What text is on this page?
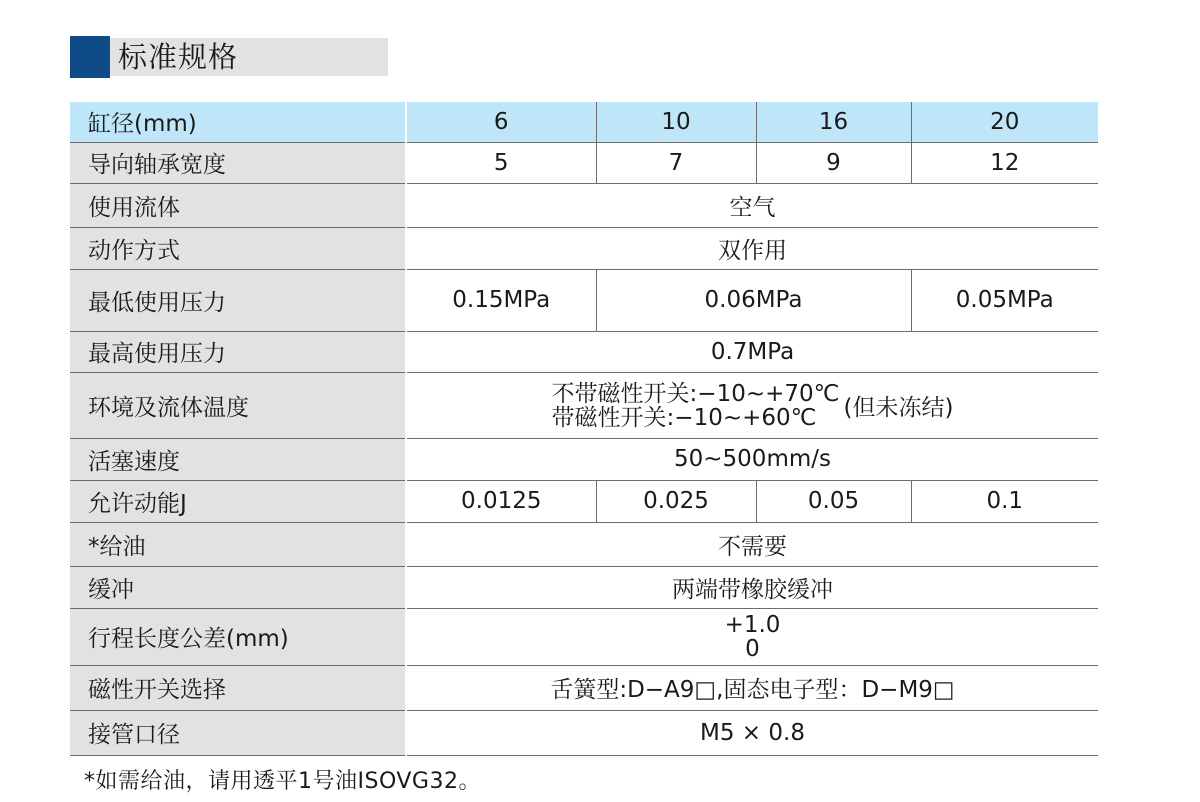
标准规格
缸径(mm)	6	10	16	20
导向轴承宽度	5	7	9	12
使用流体	空气			
动作方式	双作用			
最低使用压力	0.15MPa	0.06MPa		0.05MPa
最高使用压力	0.7MPa			
环境及流体温度	不带磁性开关:−10~+70℃
带磁性开关:−10~+60℃ (但未冻结)			

活塞速度	50~500mm/s			
允许动能J	0.0125	0.025	0.05	0.1
*给油	不需要			
缓冲	两端带橡胶缓冲			
行程长度公差(mm)	+1.0
0			

磁性开关选择	舌簧型:D−A9□,固态电子型：D−M9□			
接管口径	M5 × 0.8			
*如需给油，请用透平1号油ISOVG32。
